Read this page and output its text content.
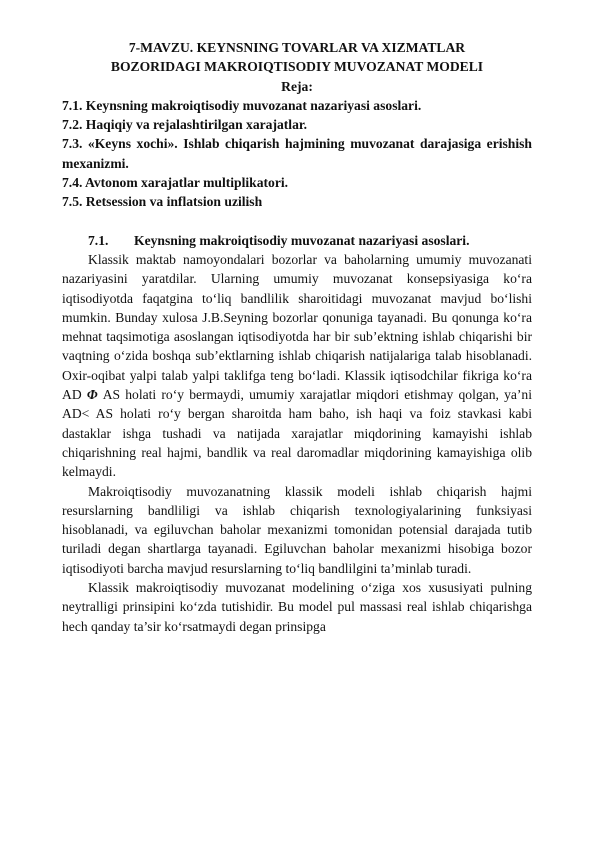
7-MAVZU. KEYNSNING TOVARLAR VA XIZMATLAR
BOZORIDAGI MAKROIQTISODIY MUVOZANAT MODELI

Reja:

7.1. Keynsning makroiqtisodiy muvozanat nazariyasi asoslari.

7.2. Haqiqiy va rejalashtirilgan xarajatlar.

7.3. «Keyns xochi». Ishlab chiqarish hajmining muvozanat darajasiga erishish mexanizmi.

7.4. Avtonom xarajatlar multiplikatori.

7.5. Retsession va inflatsion uzilish

7.1.	Keynsning makroiqtisodiy muvozanat nazariyasi asoslari.

Klassik maktab namoyondalari bozorlar va baholarning umumiy muvozanati nazariyasini yaratdilar. Ularning umumiy muvozanat konsepsiyasiga ko‘ra iqtisodiyotda faqatgina to‘liq bandlilik sharoitidagi muvozanat mavjud bo‘lishi mumkin. Bunday xulosa J.B.Seyning bozorlar qonuniga tayanadi. Bu qonunga ko‘ra mehnat taqsimotiga asoslangan iqtisodiyotda har bir sub’ektning ishlab chiqarishi bir vaqtning o‘zida boshqa sub’ektlarning ishlab chiqarish natijalariga talab hisoblanadi. Oxir-oqibat yalpi talab yalpi taklifga teng bo‘ladi. Klassik iqtisodchilar fikriga ko‘ra AD Φ AS holati ro‘y bermaydi, umumiy xarajatlar miqdori etishmay qolgan, ya’ni AD< AS holati ro‘y bergan sharoitda ham baho, ish haqi va foiz stavkasi kabi dastaklar ishga tushadi va natijada xarajatlar miqdorining kamayishi ishlab chiqarishning real hajmi, bandlik va real daromadlar miqdorining kamayishiga olib kelmaydi.

Makroiqtisodiy muvozanatning klassik modeli ishlab chiqarish hajmi resurslarning bandliligi va ishlab chiqarish texnologiyalarining funksiyasi hisoblanadi, va egiluvchan baholar mexanizmi tomonidan potensial darajada tutib turiladi degan shartlarga tayanadi. Egiluvchan baholar mexanizmi hisobiga bozor iqtisodiyoti barcha mavjud resurslarning to‘liq bandlilgini ta’minlab turadi.

Klassik makroiqtisodiy muvozanat modelining o‘ziga xos xususiyati pulning neytralligi prinsipini ko‘zda tutishidir. Bu model pul massasi real ishlab chiqarishga hech qanday ta’sir ko‘rsatmaydi degan prinsipga
